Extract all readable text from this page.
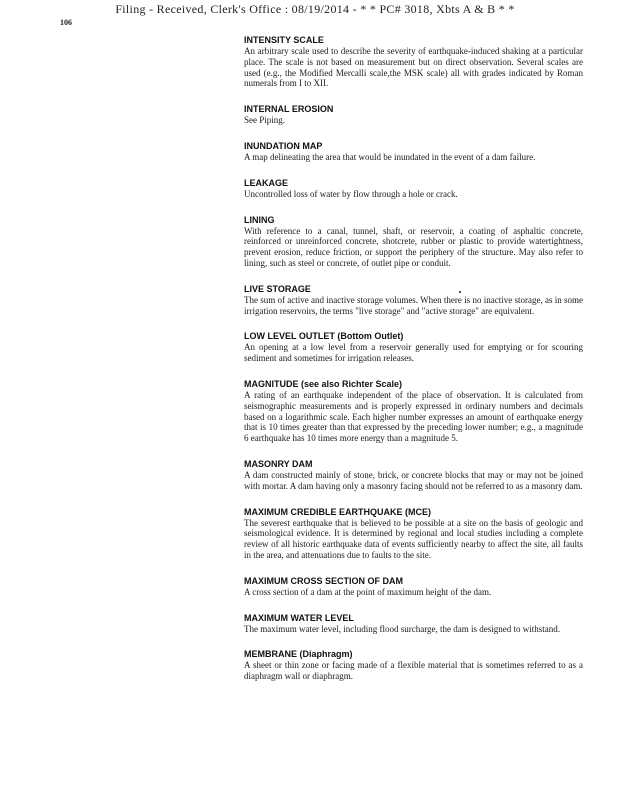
Filing - Received, Clerk's Office : 08/19/2014 - * * PC# 3018, Xbts A & B * *
106
INTENSITY SCALE
An arbitrary scale used to describe the severity of earthquake-induced shaking at a particular place. The scale is not based on measurement but on direct observation. Several scales are used (e.g., the Modified Mercalli scale,the MSK scale) all with grades indicated by Roman numerals from I to XII.
INTERNAL EROSION
See Piping.
INUNDATION MAP
A map delineating the area that would be inundated in the event of a dam failure.
LEAKAGE
Uncontrolled loss of water by flow through a hole or crack.
LINING
With reference to a canal, tunnel, shaft, or reservoir, a coating of asphaltic concrete, reinforced or unreinforced concrete, shotcrete, rubber or plastic to provide watertightness, prevent erosion, reduce friction, or support the periphery of the structure. May also refer to lining, such as steel or concrete, of outlet pipe or conduit.
LIVE STORAGE
The sum of active and inactive storage volumes. When there is no inactive storage, as in some irrigation reservoirs, the terms "live storage" and "active storage" are equivalent.
LOW LEVEL OUTLET (Bottom Outlet)
An opening at a low level from a reservoir generally used for emptying or for scouring sediment and sometimes for irrigation releases.
MAGNITUDE (see also Richter Scale)
A rating of an earthquake independent of the place of observation. It is calculated from seismographic measurements and is properly expressed in ordinary numbers and decimals based on a logarithmic scale. Each higher number expresses an amount of earthquake energy that is 10 times greater than that expressed by the preceding lower number; e.g., a magnitude 6 earthquake has 10 times more energy than a magnitude 5.
MASONRY DAM
A dam constructed mainly of stone, brick, or concrete blocks that may or may not be joined with mortar. A dam having only a masonry facing should not be referred to as a masonry dam.
MAXIMUM CREDIBLE EARTHQUAKE (MCE)
The severest earthquake that is believed to be possible at a site on the basis of geologic and seismological evidence. It is determined by regional and local studies including a complete review of all historic earthquake data of events sufficiently nearby to affect the site, all faults in the area, and attenuations due to faults to the site.
MAXIMUM CROSS SECTION OF DAM
A cross section of a dam at the point of maximum height of the dam.
MAXIMUM WATER LEVEL
The maximum water level, including flood surcharge, the dam is designed to withstand.
MEMBRANE (Diaphragm)
A sheet or thin zone or facing made of a flexible material that is sometimes referred to as a diaphragm wall or diaphragm.
